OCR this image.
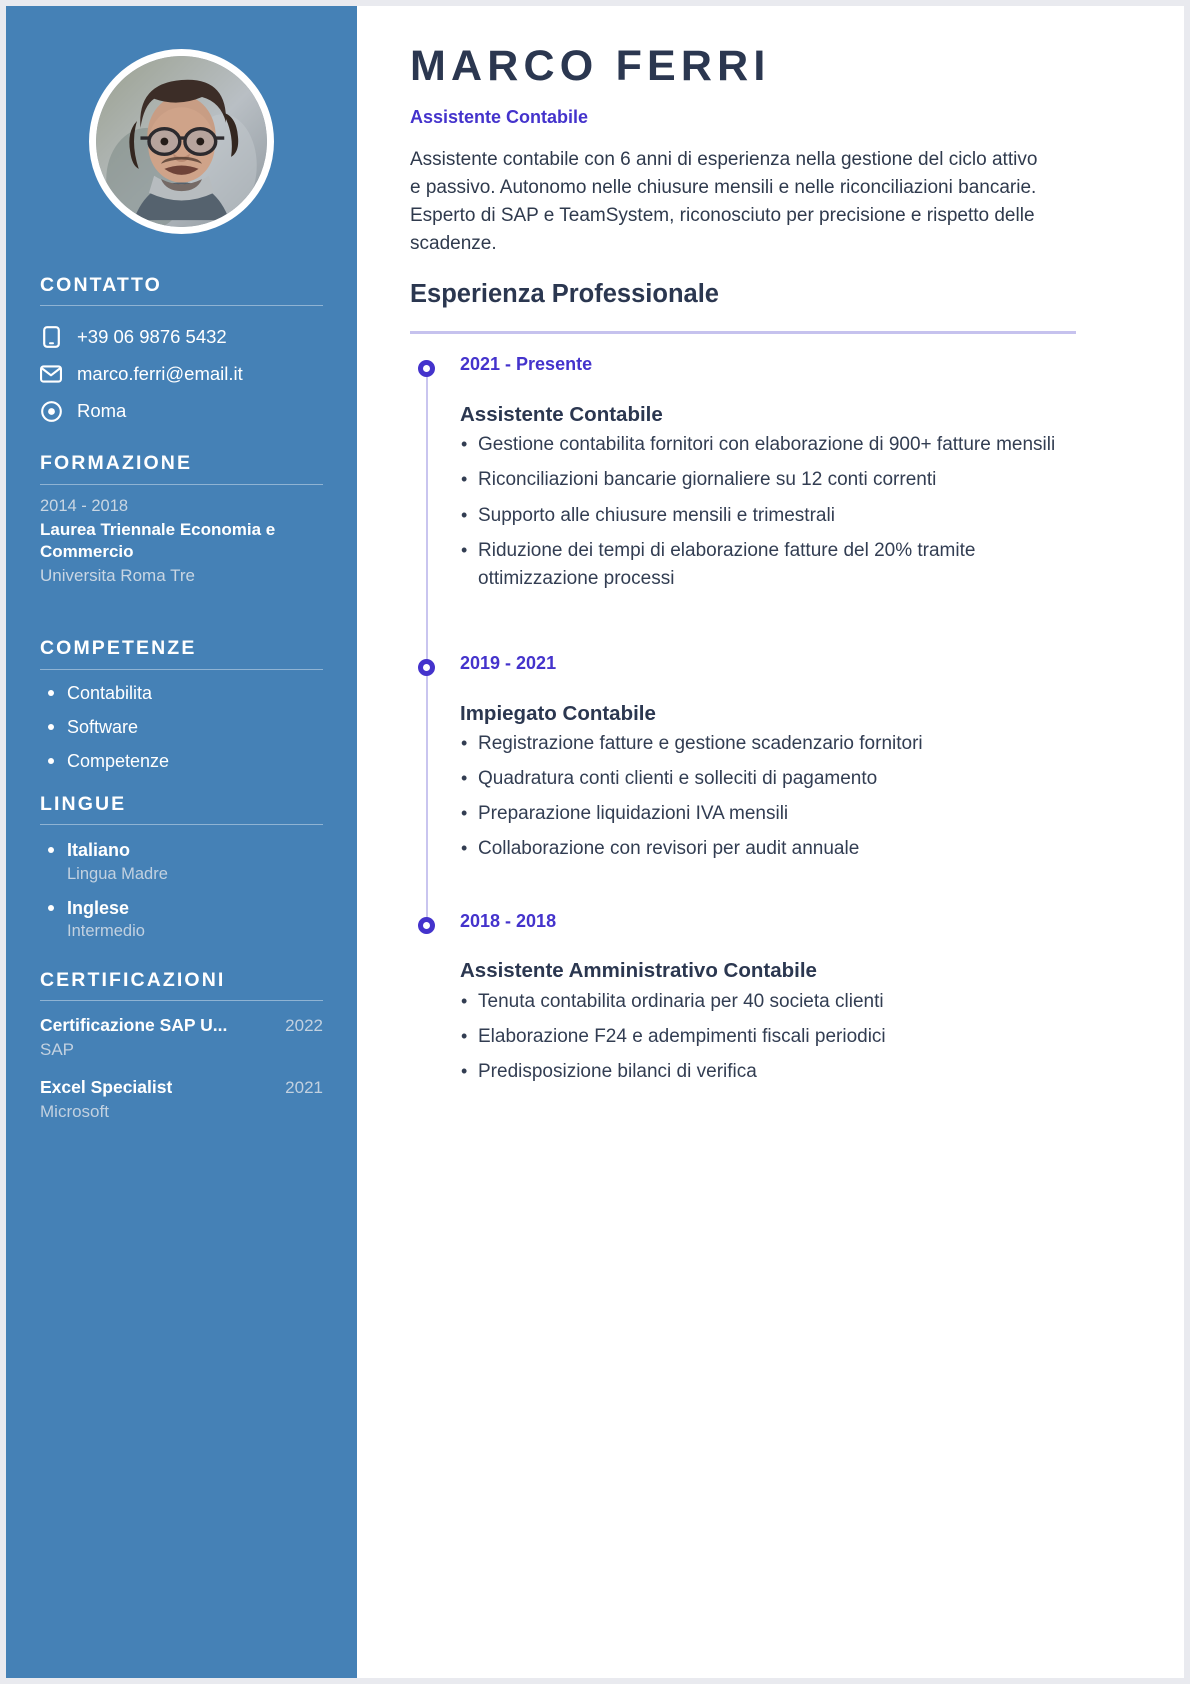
CONTATTO
+39 06 9876 5432
marco.ferri@email.it
Roma
FORMAZIONE
2014 - 2018
Laurea Triennale Economia e Commercio
Universita Roma Tre
COMPETENZE
Contabilita
Software
Competenze
LINGUE
Italiano
Lingua Madre
Inglese
Intermedio
CERTIFICAZIONI
Certificazione SAP U...	2022
SAP
Excel Specialist	2021
Microsoft
MARCO FERRI
Assistente Contabile

Assistente contabile con 6 anni di esperienza nella gestione del ciclo attivo e passivo. Autonomo nelle chiusure mensili e nelle riconciliazioni bancarie. Esperto di SAP e TeamSystem, riconosciuto per precisione e rispetto delle scadenze.

Esperienza Professionale
2021 - Presente
Assistente Contabile
• Gestione contabilita fornitori con elaborazione di 900+ fatture mensili
• Riconciliazioni bancarie giornaliere su 12 conti correnti
• Supporto alle chiusure mensili e trimestrali
• Riduzione dei tempi di elaborazione fatture del 20% tramite ottimizzazione processi
2019 - 2021
Impiegato Contabile
• Registrazione fatture e gestione scadenzario fornitori
• Quadratura conti clienti e solleciti di pagamento
• Preparazione liquidazioni IVA mensili
• Collaborazione con revisori per audit annuale
2018 - 2018
Assistente Amministrativo Contabile
• Tenuta contabilita ordinaria per 40 societa clienti
• Elaborazione F24 e adempimenti fiscali periodici
• Predisposizione bilanci di verifica
